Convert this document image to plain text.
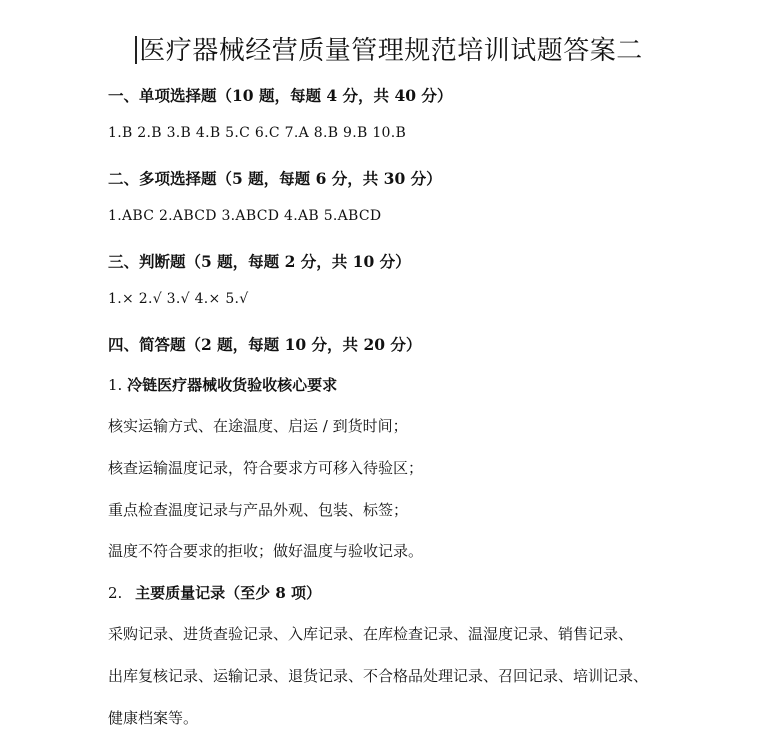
医疗器械经营质量管理规范培训试题答案二
一、单项选择题（10 题，每题 4 分，共 40 分）
1.B 2.B 3.B 4.B 5.C 6.C 7.A 8.B 9.B 10.B
二、多项选择题（5 题，每题 6 分，共 30 分）
1.ABC 2.ABCD 3.ABCD 4.AB 5.ABCD
三、判断题（5 题，每题 2 分，共 10 分）
1.× 2.√ 3.√ 4.× 5.√
四、简答题（2 题，每题 10 分，共 20 分）
1. 冷链医疗器械收货验收核心要求
核实运输方式、在途温度、启运 / 到货时间；
核查运输温度记录，符合要求方可移入待验区；
重点检查温度记录与产品外观、包装、标签；
温度不符合要求的拒收；做好温度与验收记录。
2. 主要质量记录（至少 8 项）
采购记录、进货查验记录、入库记录、在库检查记录、温湿度记录、销售记录、
出库复核记录、运输记录、退货记录、不合格品处理记录、召回记录、培训记录、
健康档案等。
